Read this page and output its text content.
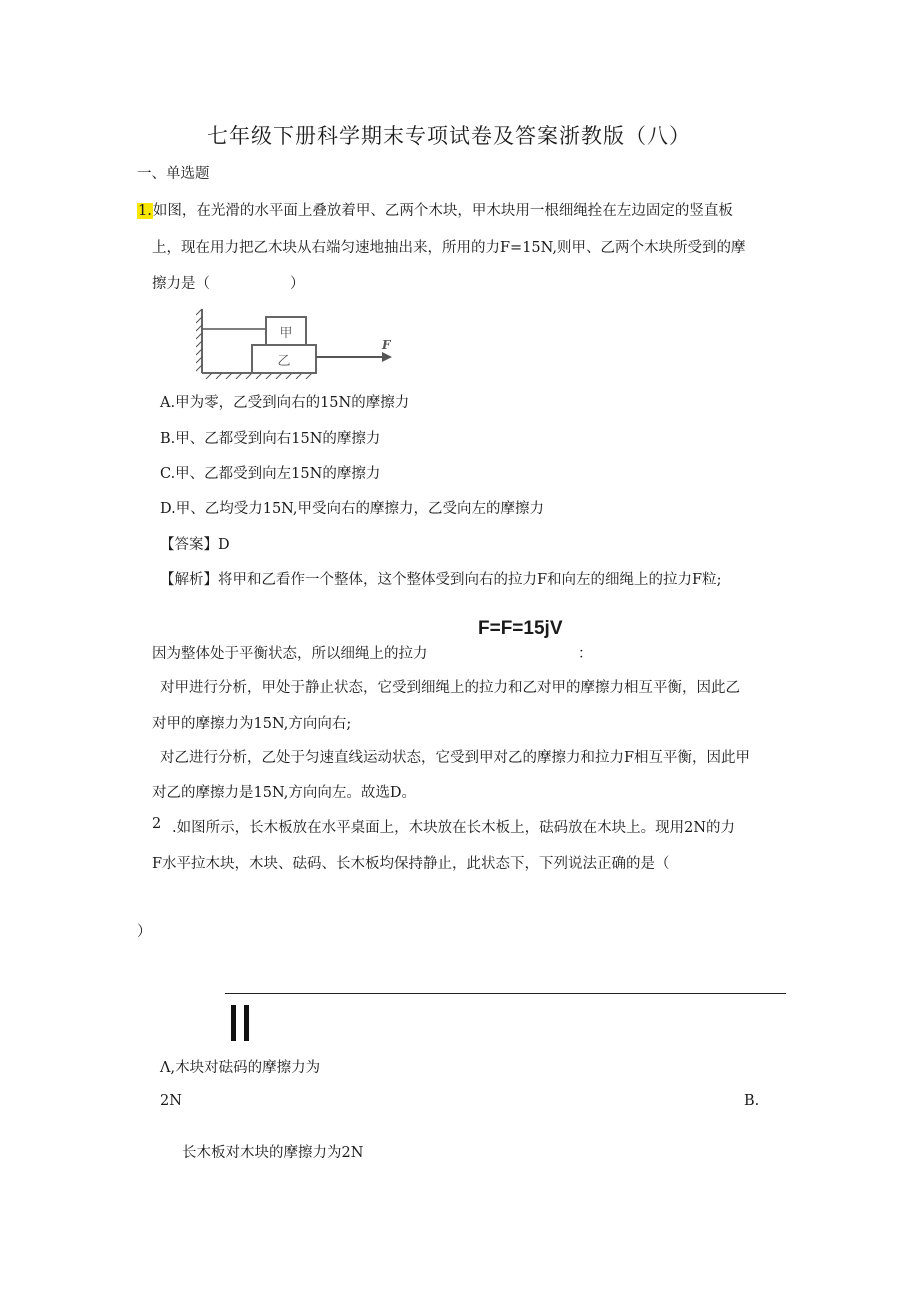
七年级下册科学期末专项试卷及答案浙教版（八）
一、单选题
1.如图，在光滑的水平面上叠放着甲、乙两个木块，甲木块用一根细绳拴在左边固定的竖直板
上，现在用力把乙木块从右端匀速地抽出来，所用的力F=15N,则甲、乙两个木块所受到的摩
擦力是（	）
甲
乙
F
A.甲为零，乙受到向右的15N的摩擦力
B.甲、乙都受到向右15N的摩擦力
C.甲、乙都受到向左15N的摩擦力
D.甲、乙均受力15N,甲受向右的摩擦力，乙受向左的摩擦力
【答案】D
【解析】将甲和乙看作一个整体，这个整体受到向右的拉力F和向左的细绳上的拉力F粒;
F=F=15jV
因为整体处于平衡状态，所以细绳上的拉力	：
对甲进行分析，甲处于静止状态，它受到细绳上的拉力和乙对甲的摩擦力相互平衡，因此乙
对甲的摩擦力为15N,方向向右;
对乙进行分析，乙处于匀速直线运动状态，它受到甲对乙的摩擦力和拉力F相互平衡，因此甲
对乙的摩擦力是15N,方向向左。故选D。
2 .如图所示，长木板放在水平桌面上，木块放在长木板上，砝码放在木块上。现用2N的力
F水平拉木块，木块、砝码、长木板均保持静止，此状态下，下列说法正确的是（
）
Λ,木块对砝码的摩擦力为
2N	B.
长木板对木块的摩擦力为2N
